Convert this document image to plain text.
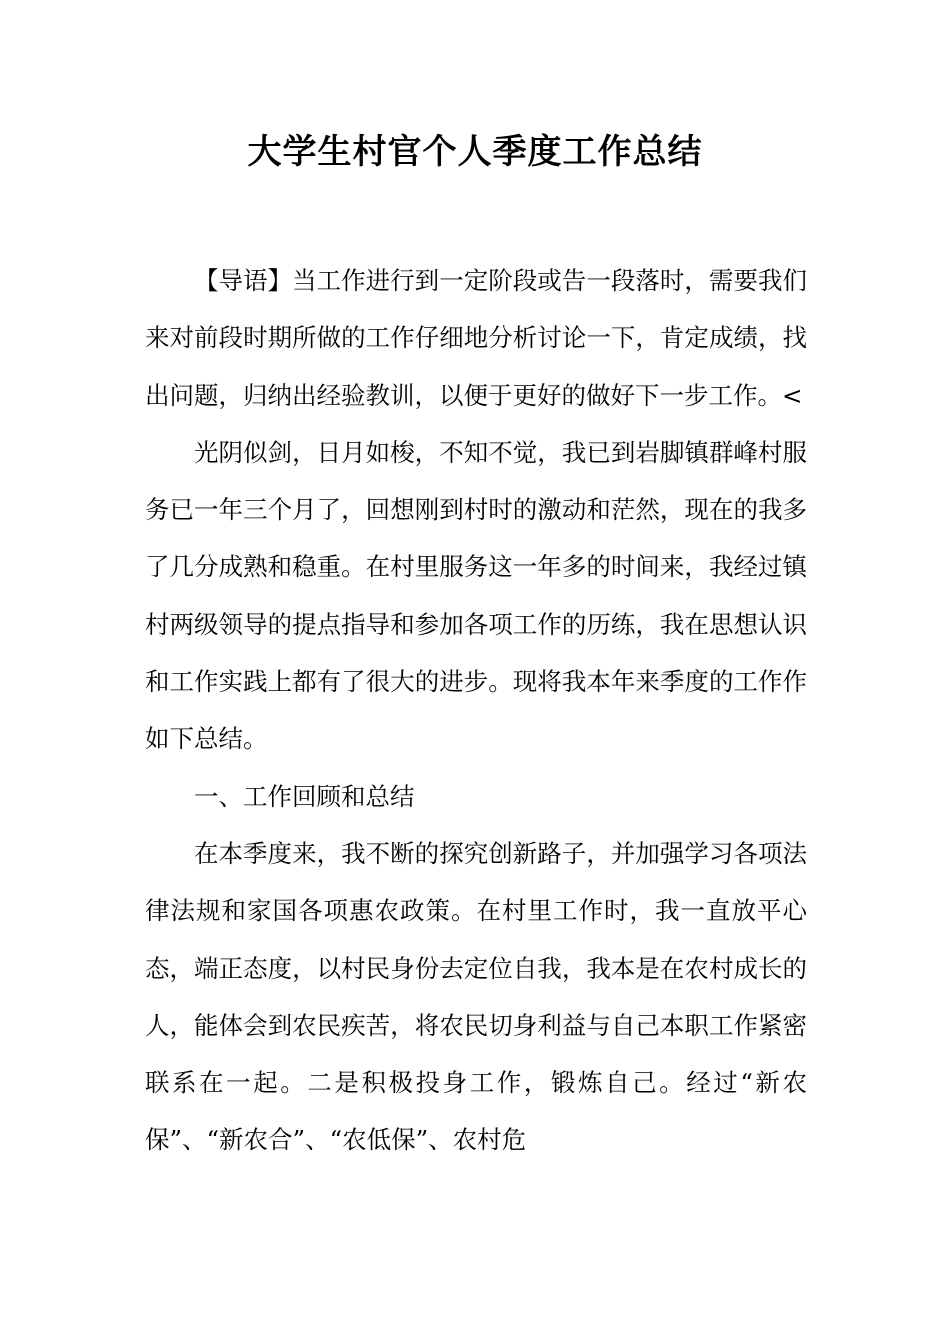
大学生村官个人季度工作总结

【导语】当工作进行到一定阶段或告一段落时，需要我们来对前段时期所做的工作仔细地分析讨论一下，肯定成绩，找出问题，归纳出经验教训，以便于更好的做好下一步工作。<

光阴似剑，日月如梭，不知不觉，我已到岩脚镇群峰村服务已一年三个月了，回想刚到村时的激动和茫然，现在的我多了几分成熟和稳重。在村里服务这一年多的时间来，我经过镇村两级领导的提点指导和参加各项工作的历练，我在思想认识和工作实践上都有了很大的进步。现将我本年来季度的工作作如下总结。

一、工作回顾和总结

在本季度来，我不断的探究创新路子，并加强学习各项法律法规和家国各项惠农政策。在村里工作时，我一直放平心态，端正态度，以村民身份去定位自我，我本是在农村成长的人，能体会到农民疾苦，将农民切身利益与自己本职工作紧密联系在一起。二是积极投身工作，锻炼自己。经过“新农保”、“新农合”、“农低保”、农村危
